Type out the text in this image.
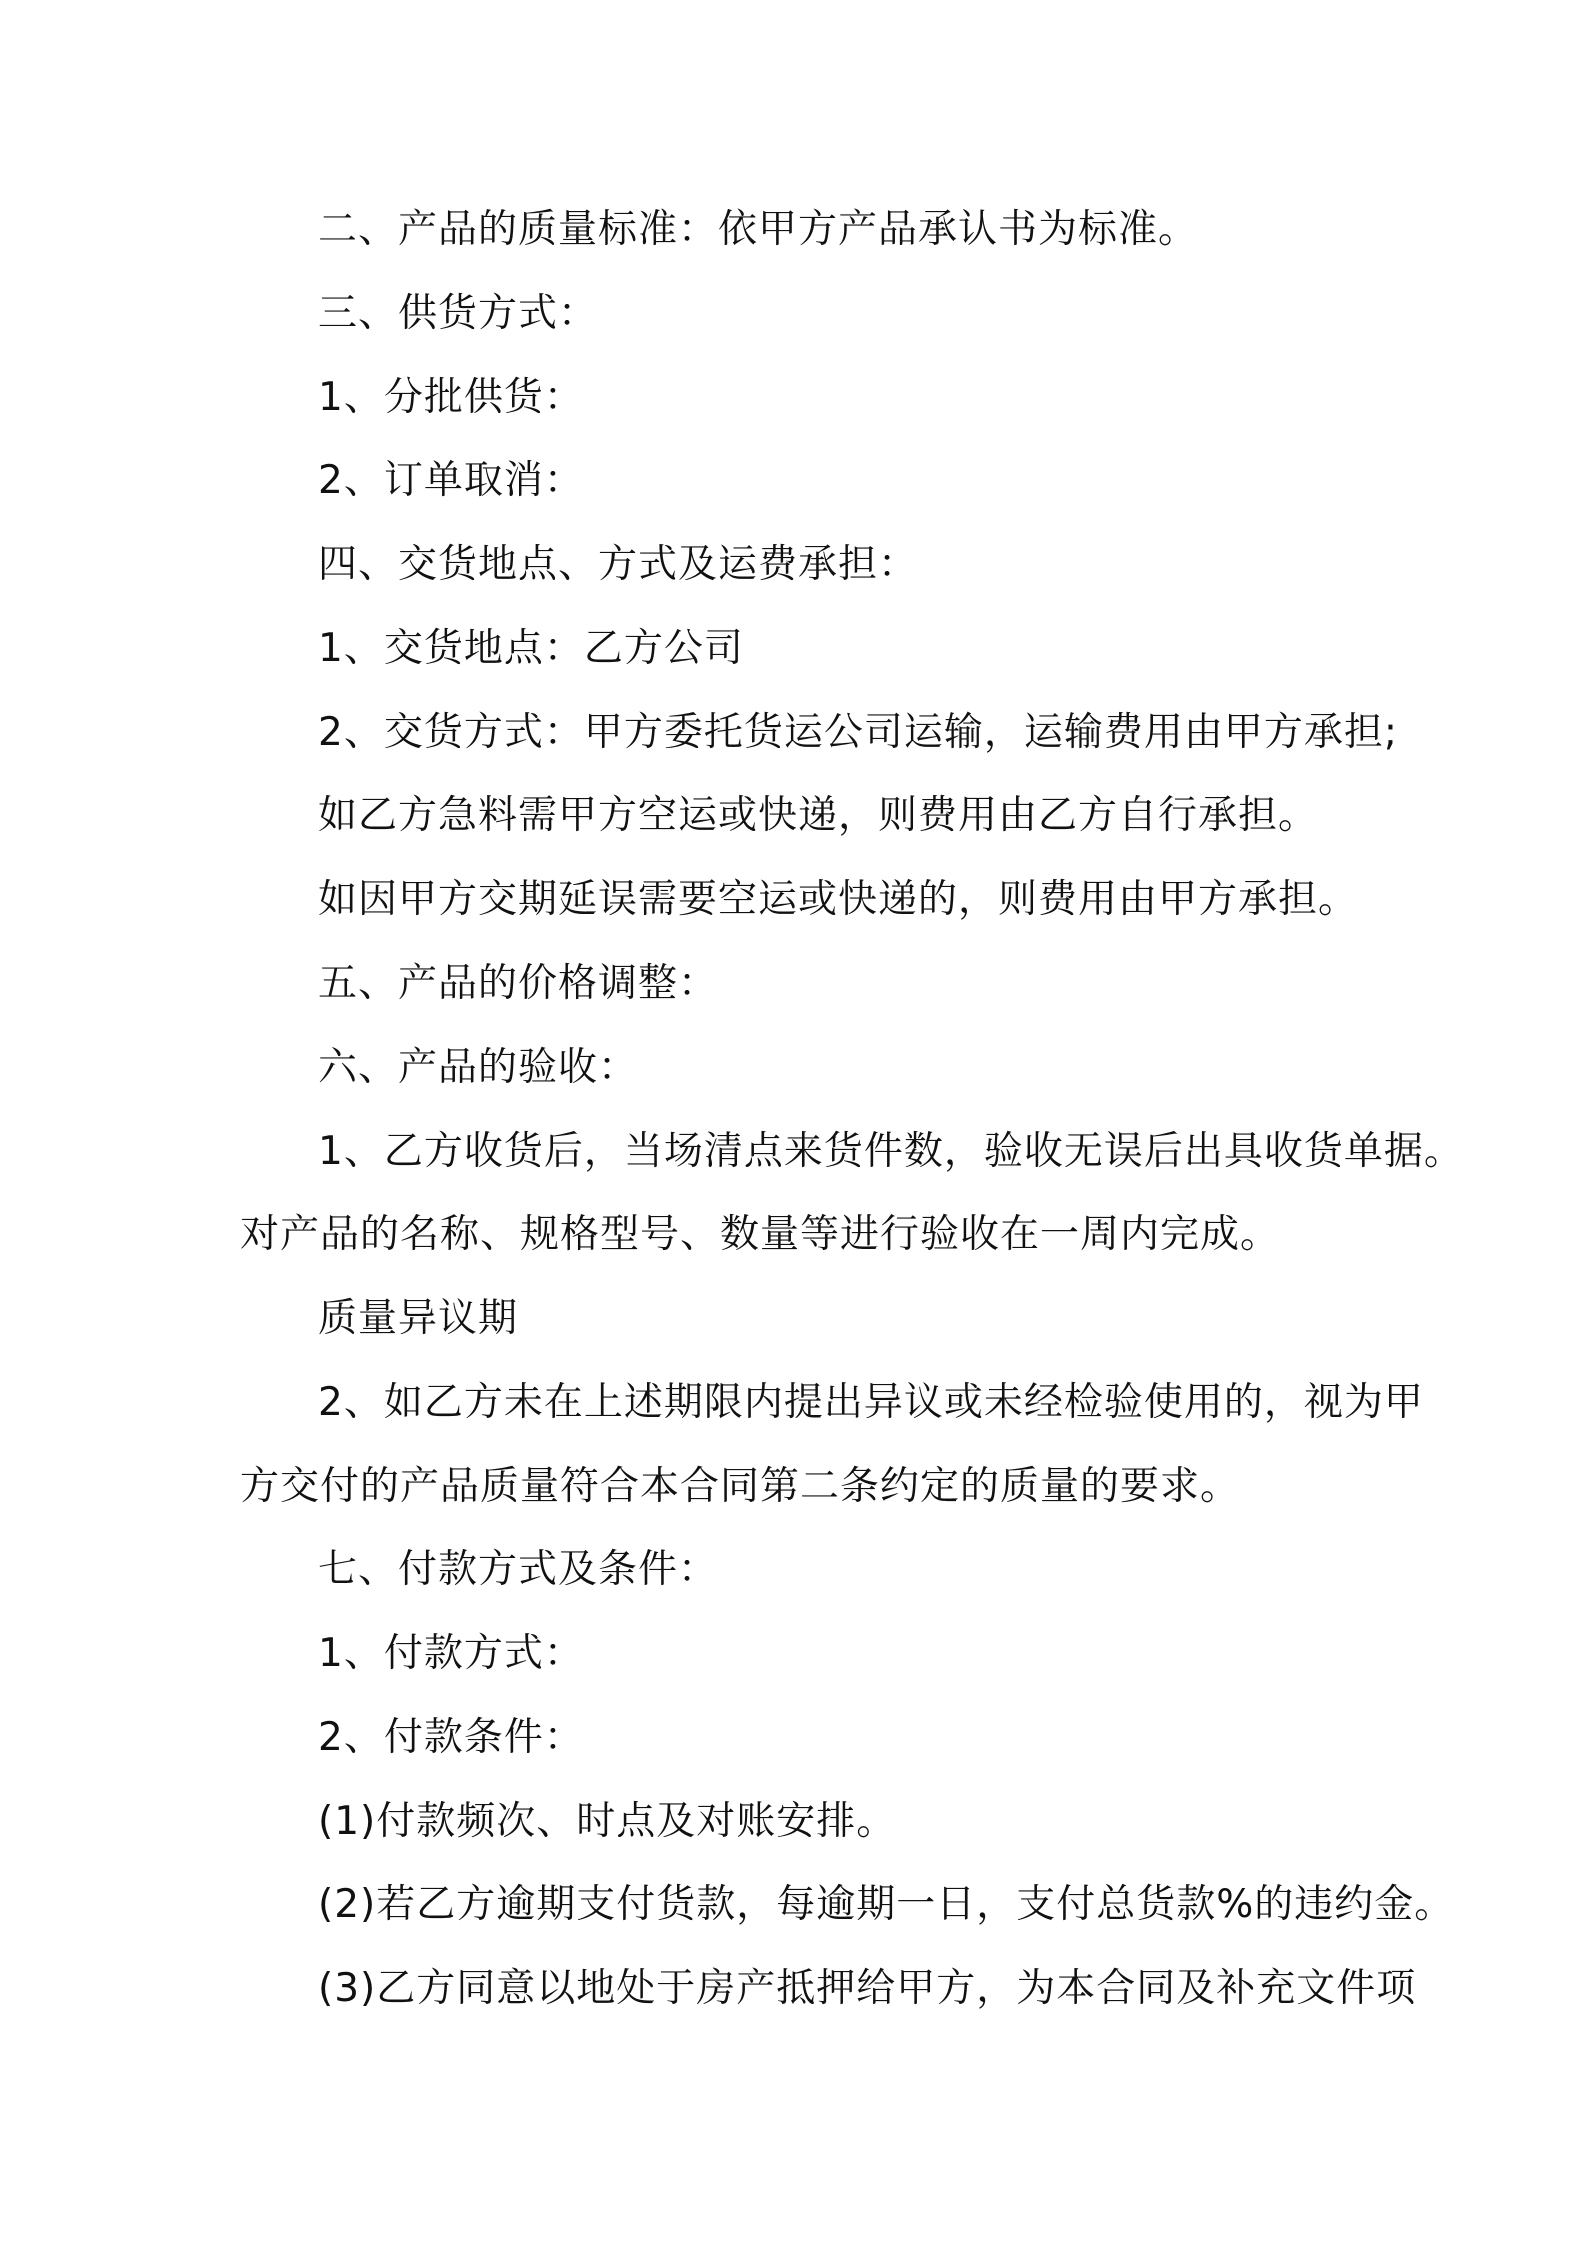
二、产品的质量标准：依甲方产品承认书为标准。
三、供货方式：
1、分批供货：
2、订单取消：
四、交货地点、方式及运费承担：
1、交货地点：乙方公司
2、交货方式：甲方委托货运公司运输，运输费用由甲方承担;
如乙方急料需甲方空运或快递，则费用由乙方自行承担。
如因甲方交期延误需要空运或快递的，则费用由甲方承担。
五、产品的价格调整：
六、产品的验收：
1、乙方收货后，当场清点来货件数，验收无误后出具收货单据。
对产品的名称、规格型号、数量等进行验收在一周内完成。
质量异议期
2、如乙方未在上述期限内提出异议或未经检验使用的，视为甲
方交付的产品质量符合本合同第二条约定的质量的要求。
七、付款方式及条件：
1、付款方式：
2、付款条件：
(1)付款频次、时点及对账安排。
(2)若乙方逾期支付货款，每逾期一日，支付总货款%的违约金。
(3)乙方同意以地处于房产抵押给甲方，为本合同及补充文件项
